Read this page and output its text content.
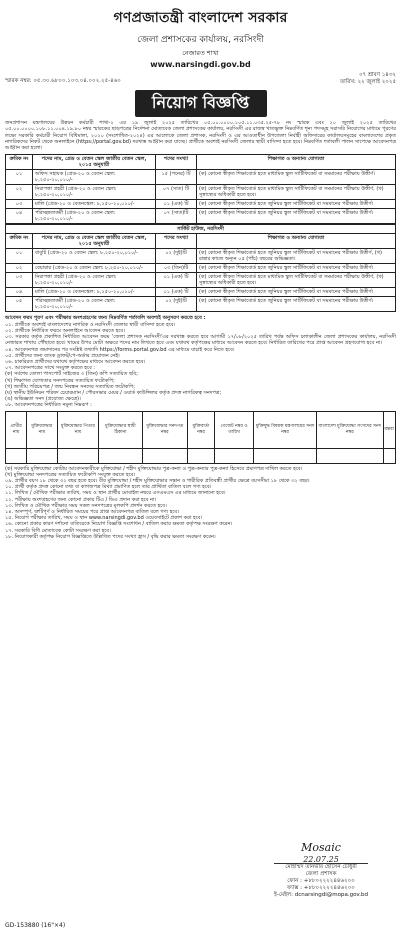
গণপ্রজাতন্ত্রী বাংলাদেশ সরকার
জেলা প্রশাসকের কার্যালয়, নরসিংদী
নেজারত শাখা
www.narsingdi.gov.bd
স্মারক নম্বর: ০৫.৩০.৬৮০০.১০৩.০৪.০০২.২৫-৪৬০
০৭ শ্রাবণ ১৪৩২
তারিখ: ২২ জুলাই ২০২৫
নিয়োগ বিজ্ঞপ্তি
জনপ্রশাসন মন্ত্রণালয়ের উন্নয়ন কর্মচারী শাখা-২ এর ১৯ জুলাই ২০২৫ তারিখের ০৫.০০.০০০০.১০৫.১১.০৩৫.২৫-৭৮ নং স্মারক এবং ২০ জুলাই ২০২৫ তারিখের ০৫.০০.০০০০.১০৮.১১.০০৪.১৯.৮০ নম্বর স্মারকের ছাড়পত্রের নির্দেশনা মোতাবেক জেলা প্রশাসকের কার্যালয়, নরসিংদী এর রাজস্ব খাতভুক্ত নিম্নবর্ণিত শূন্য পদসমূহ সরাসরি নিয়োগের মাধ্যমে পূরণের লক্ষ্যে সরকারি কর্মচারী নিয়োগ বিধিমালা, ২০২০ (সংশোধিত-২০২৪) এর আলোকে জেলা প্রশাসক, নরসিংদী ও এর আওতাধীন উপজেলা নির্বাহী অফিসারের কার্যালয়সমূহের বাংলাদেশের প্রকৃত নাগরিকদের নিকট থেকে অনলাইনে (https://portal.gov.bd) দরখাস্ত আহ্বান করা যাচ্ছে। প্রার্থীকে অবশ্যই নরসিংদী জেলার স্থায়ী বাসিন্দা হতে হবে। নিম্নবর্ণিত শর্তাবলী পালন সাপেক্ষে আবেদনপত্র আহ্বান করা হলো।
ক্রমিক নং	পদের নাম, গ্রেড ও বেতন স্কেল জাতীয় বেতন স্কেল, ২০১৫ অনুযায়ী	পদের সংখ্যা	শিক্ষাগত ও অন্যান্য যোগ্যতা
০১	অফিস সহায়ক (গ্রেড-২০ ও বেতন স্কেল: ৮,২৫০-২০,০১০/-	১৫ (পনের) টি	(ক) কোনো স্বীকৃত শিক্ষাবোর্ড হতে মাধ্যমিক স্কুল সার্টিফিকেট বা সমমানের পরীক্ষায় উত্তীর্ণ।
০২	নিরাপত্তা প্রহরী (গ্রেড-২০ ও বেতন স্কেল: ৮,২৫০-২০,০১০/-	০৭ (সাত) টি	(ক) কোনো স্বীকৃত শিক্ষাবোর্ড হতে মাধ্যমিক স্কুল সার্টিফিকেট বা সমমানের পরীক্ষায় উত্তীর্ণ, (খ) সুস্বাস্থ্যের অধিকারী হতে হবে।
০৩	মালি (গ্রেড-২০ ও বেতনস্কেল: ৮,২৫০-২০,০১০/-	০১ (এক) টি	(ক) কোনো স্বীকৃত শিক্ষাবোর্ড হতে জুনিয়র স্কুল সার্টিফিকেট বা সমমানের পরীক্ষায় উত্তীর্ণ।
০৪	পরিচ্ছন্নতাকর্মী (গ্রেড-২০ ও বেতন স্কেল: ৮,২৫০-২০,০১০/-	০৭ (সাত)টি	(ক) কোনো স্বীকৃত শিক্ষাবোর্ড হতে জুনিয়র স্কুল সার্টিফিকেট বা সমমানের পরীক্ষায় উত্তীর্ণ।
সার্কিট হাউজ, নরসিংদী			
ক্রমিক নং	পদের নাম, গ্রেড ও বেতন স্কেল জাতীয় বেতন স্কেল, ২০১৫ অনুযায়ী	পদের সংখ্যা	শিক্ষাগত ও অন্যান্য যোগ্যতা
০১	বাবুর্চি (গ্রেড-২০ ও বেতন স্কেল: ৮,২৫০-২০,০১০/-	০২ (দুই)টি	(ক) কোনো স্বীকৃত শিক্ষাবোর্ড হতে জুনিয়র স্কুল সার্টিফিকেট বা সমমানের পরীক্ষায় উত্তীর্ণ, (খ) রান্নার কাজে অন্যূন ০৫ (পাঁচ) বছরের অভিজ্ঞতা।
০২	বেয়ারার (গ্রেড-২০ ও বেতন স্কেল: ৮,২৫০-২০,০১০/-	০৩ (তিন)টি	(ক) কোনো স্বীকৃত শিক্ষাবোর্ড হতে জুনিয়র স্কুল সার্টিফিকেট বা সমমানের পরীক্ষায় উত্তীর্ণ।
০৩	নিরাপত্তা প্রহরী (গ্রেড-২০ ও বেতন স্কেল: ৮,২৫০-২০,০১০/-	০১ (এক) টি	(ক) কোনো স্বীকৃত শিক্ষাবোর্ড হতে মাধ্যমিক স্কুল সার্টিফিকেট বা সমমানের পরীক্ষায় উত্তীর্ণ, (খ) সুস্বাস্থ্যের অধিকারী হতে হবে।
০৪	মালি (গ্রেড-২০ ও বেতনস্কেল: ৮,২৫০-২০,০১০/-	০১ (এক) টি	(ক) কোনো স্বীকৃত শিক্ষাবোর্ড হতে জুনিয়র স্কুল সার্টিফিকেট বা সমমানের পরীক্ষায় উত্তীর্ণ।
০৫	পরিচ্ছন্নতাকর্মী (গ্রেড-২০ ও বেতন স্কেল: ৮,২৫০-২০,০১০/-	০২ (দুই)টি	(ক) কোনো স্বীকৃত শিক্ষাবোর্ড হতে জুনিয়র স্কুল সার্টিফিকেট বা সমমানের পরীক্ষায় উত্তীর্ণ।
আবেদন ফরম পূরণ এবং পরীক্ষায় অংশগ্রহণের জন্য নিম্নবর্ণিত শর্তাবলি অবশ্যই অনুসরণ করতে হবে :
০১. প্রার্থীকে অবশ্যই বাংলাদেশের নাগরিক ও নরসিংদী জেলার স্থায়ী বাসিন্দা হতে হবে।
০২. প্রার্থীকে নির্ধারিত ফরমে অনলাইনে আবেদন করতে হবে।
০৩. সরকার কর্তৃক প্রকাশিত নির্ধারিত আবেদন ফরম 'জেলা প্রশাসক নরসিংদী'এর দরখাস্ত করতে হবে আগামী ১৭/০৮/২০২৫ তারিখ পর্যন্ত অফিস চলাকালীন জেলা প্রশাসকের কার্যালয়, নরসিংদী নেজারত শাখায় পৌঁছাতে হবে। খামের উপর মোটা অক্ষরে পদের নাম লিখতে হবে এবং যথাযথ কর্তৃপক্ষের মাধ্যমে আবেদন করতে হবে। নির্ধারিত তারিখের পরে প্রাপ্ত আবেদন গ্রহণযোগ্য হবে না।
০৪. আবেদনপত্র জমাদানের পর সংশ্লিষ্ট তথ্যাদি https://forms.portal.gov.bd এর মাধ্যমে যাচাই করে নিতে হবে।
০৫. প্রার্থীদের জন্য ব্যাংক ড্রাফট/পে-অর্ডার প্রয়োজন নেই।
০৬. চাকরিরত প্রার্থীদের যথাযথ কর্তৃপক্ষের মাধ্যমে আবেদন করতে হবে।
০৭. আবেদনপত্রের সাথে সংযুক্ত করতে হবে :
(ক) সর্বশেষ তোলা পাসপোর্ট সাইজের ৩ (তিন) কপি সত্যায়িত ছবি;
(খ) শিক্ষাগত যোগ্যতার সনদপত্রের সত্যায়িত ফটোকপি;
(গ) জাতীয় পরিচয়পত্র / জন্ম নিবন্ধন সনদের সত্যায়িত ফটোকপি;
(ঘ) স্থানীয় ইউনিয়ন পরিষদ চেয়ারম্যান / পৌরসভার মেয়র / ওয়ার্ড কাউন্সিলর কর্তৃক প্রদত্ত নাগরিকত্ব সনদপত্র;
(ঙ) অভিজ্ঞতা সনদ (প্রযোজ্য ক্ষেত্রে)।
০৮. আবেদনপত্রের নির্ধারিত নমুনা নিম্নরূপ :
প্রার্থীর নাম	মুক্তিযোদ্ধার নাম	মুক্তিযোদ্ধার পিতার নাম	মুক্তিযোদ্ধার স্থায়ী ঠিকানা	মুক্তিযোদ্ধার সনদপত্র নম্বর	মুক্তিবার্তা নম্বর	গেজেট নম্বর ও তারিখ	মুক্তিযুদ্ধ বিষয়ক মন্ত্রণালয়ের সনদ নম্বর	বাংলাদেশ মুক্তিযোদ্ধা সংসদের সনদ নম্বর	মন্তব্য

(ক) সরকারি মুক্তিযোদ্ধা কোটায় আবেদনকারীকে মুক্তিযোদ্ধা / শহীদ মুক্তিযোদ্ধার পুত্র-কন্যা ও পুত্র-কন্যার পুত্র-কন্যা হিসেবে প্রমাণপত্র দাখিল করতে হবে।
(খ) মুক্তিযোদ্ধা সনদপত্রের সত্যায়িত ফটোকপি সংযুক্ত করতে হবে।
০৯. প্রার্থীর বয়স ১৮ থেকে ৩২ বছর হতে হবে। বীর মুক্তিযোদ্ধা / শহীদ মুক্তিযোদ্ধার সন্তান ও শারীরিক প্রতিবন্ধী প্রার্থীর ক্ষেত্রে বয়সসীমা ১৮ থেকে ৩২ বছর।
১০. প্রার্থী কর্তৃক প্রদত্ত কোনো তথ্য বা কাগজপত্র মিথ্যা প্রমাণিত হলে তার প্রার্থিতা বাতিল বলে গণ্য হবে।
১১. লিখিত / মৌখিক পরীক্ষার তারিখ, সময় ও স্থান প্রার্থীর মোবাইল নম্বরে এসএমএস এর মাধ্যমে জানানো হবে।
১২. পরীক্ষায় অংশগ্রহণের জন্য কোনো প্রকার টিএ / ডিএ প্রদান করা হবে না।
১৩. লিখিত ও মৌখিক পরীক্ষার সময় সকল সনদপত্রের মূলকপি প্রদর্শন করতে হবে।
১৪. অসম্পূর্ণ, ত্রুটিপূর্ণ ও নির্ধারিত সময়ের পরে প্রাপ্ত আবেদনপত্র বাতিল বলে গণ্য হবে।
১৫. নিয়োগ পরীক্ষার তারিখ, সময় ও স্থান www.narsingdi.gov.bd ওয়েবসাইটে প্রকাশ করা হবে।
১৬. কোনো প্রকার কারণ দর্শানো ব্যতিরেকে নিয়োগ বিজ্ঞপ্তি সংশোধন / বাতিল করার ক্ষমতা কর্তৃপক্ষ সংরক্ষণ করেন।
১৭. সরকারি বিধি মোতাবেক কোটা সংরক্ষণ করা হবে।
১৮. নিয়োগকারী কর্তৃপক্ষ নিয়োগ বিজ্ঞপ্তিতে উল্লিখিত পদের সংখ্যা হ্রাস / বৃদ্ধি করার ক্ষমতা সংরক্ষণ করেন।
Mosaic
22.07.25
মোহাম্মদ তানভীর হোসেন চৌধুরী
জেলা প্রশাসক
ফোন : +৮৮০২২২২৪৪৬২০০
ফ্যাক্স : +৮৮০২২২২৪৪৬২০০
ই-মেইল: dcnarsingdi@mopa.gov.bd
GD-153880 (16"×4)
